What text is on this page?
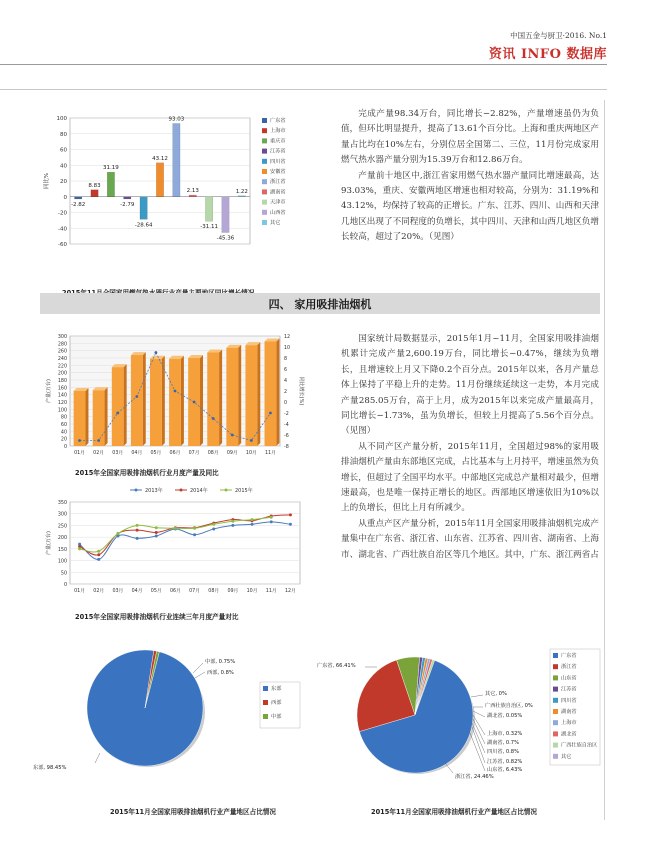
中国五金与厨卫·2016. No.1
资讯 INFO 数据库
-60
-40
-20
0
20
40
60
80
100
同比%
-2.82
8.83
31.19
-2.79
-28.64
43.12
93.03
2.13
-31.11
-45.36
1.22
广东省
上海市
重庆市
江苏省
四川省
安徽省
浙江省
湖南省
天津市
山西省
其它

完成产量98.34万台，同比增长−2.82%，产量增速虽仍为负值，但环比明显提升，提高了13.61个百分比。上海和重庆两地区产量占比均在10%左右，分别位居全国第二、三位，11月份完成家用燃气热水器产量分别为15.39万台和12.86万台。

产量前十地区中,浙江省家用燃气热水器产量同比增速最高，达93.03%，重庆、安徽两地区增速也相对较高，分别为：31.19%和43.12%，均保持了较高的正增长。广东、江苏、四川、山西和天津几地区出现了不同程度的负增长，其中四川、天津和山西几地区负增长较高，超过了20%。（见图）

四、 家用吸排油烟机
0
20
40
60
80
100
120
140
160
180
200
220
240
260
280
300
-8
-6
-4
-2
0
2
4
6
8
10
12
产量(万台)	同比增长(%)
01月 02月 03月 04月 05月 06月 07月 08月 09月 10月 11月
2015年全国家用吸排油烟机行业月度产量及同比
0
50
100
150
200
250
300
350
产量(万台)
01月 02月 03月 04月 05月 06月 07月 08月 09月 10月 11月 12月
2013年	2014年	2015年
2015年全国家用吸排油烟机行业连续三年月度产量对比

国家统计局数据显示，2015年1月~11月，全国家用吸排油烟机累计完成产量2,600.19万台，同比增长−0.47%，继续为负增长，且增速较上月又下降0.2个百分点。2015年以来，各月产量总体上保持了平稳上升的走势。11月份继续延续这一走势，本月完成产量285.05万台，高于上月，成为2015年以来完成产量最高月，同比增长−1.73%，虽为负增长，但较上月提高了5.56个百分点。（见图）

从不同产区产量分析，2015年11月，全国超过98%的家用吸排油烟机产量由东部地区完成，占比基本与上月持平，增速虽然为负增长，但超过了全国平均水平。中部地区完成总产量相对最少，但增速最高，也是唯一保持正增长的地区。西部地区增速依旧为10%以上的负增长，但比上月有所减少。

从重点产区产量分析，2015年11月全国家用吸排油烟机完成产量集中在广东省、浙江省、山东省、江苏省、四川省、湖南省、上海市、湖北省、广西壮族自治区等几个地区。其中，广东、浙江两省占

东部, 98.45%
西部, 0.8%
中部, 0.75%
东部
西部
中部
2015年11月全国家用吸排油烟机行业产量地区占比情况
广东省, 66.41%
浙江省, 24.46%
山东省, 6.43%
江苏省, 0.82%
四川省, 0.8%
湖南省, 0.7%
上海市, 0.32%
湖北省, 0.05%
广西壮族自治区, 0%
其它, 0%
广东省
浙江省
山东省
江苏省
四川省
湖南省
上海市
湖北省
广西壮族自治区
其它
2015年11月全国家用吸排油烟机行业产量地区占比情况
